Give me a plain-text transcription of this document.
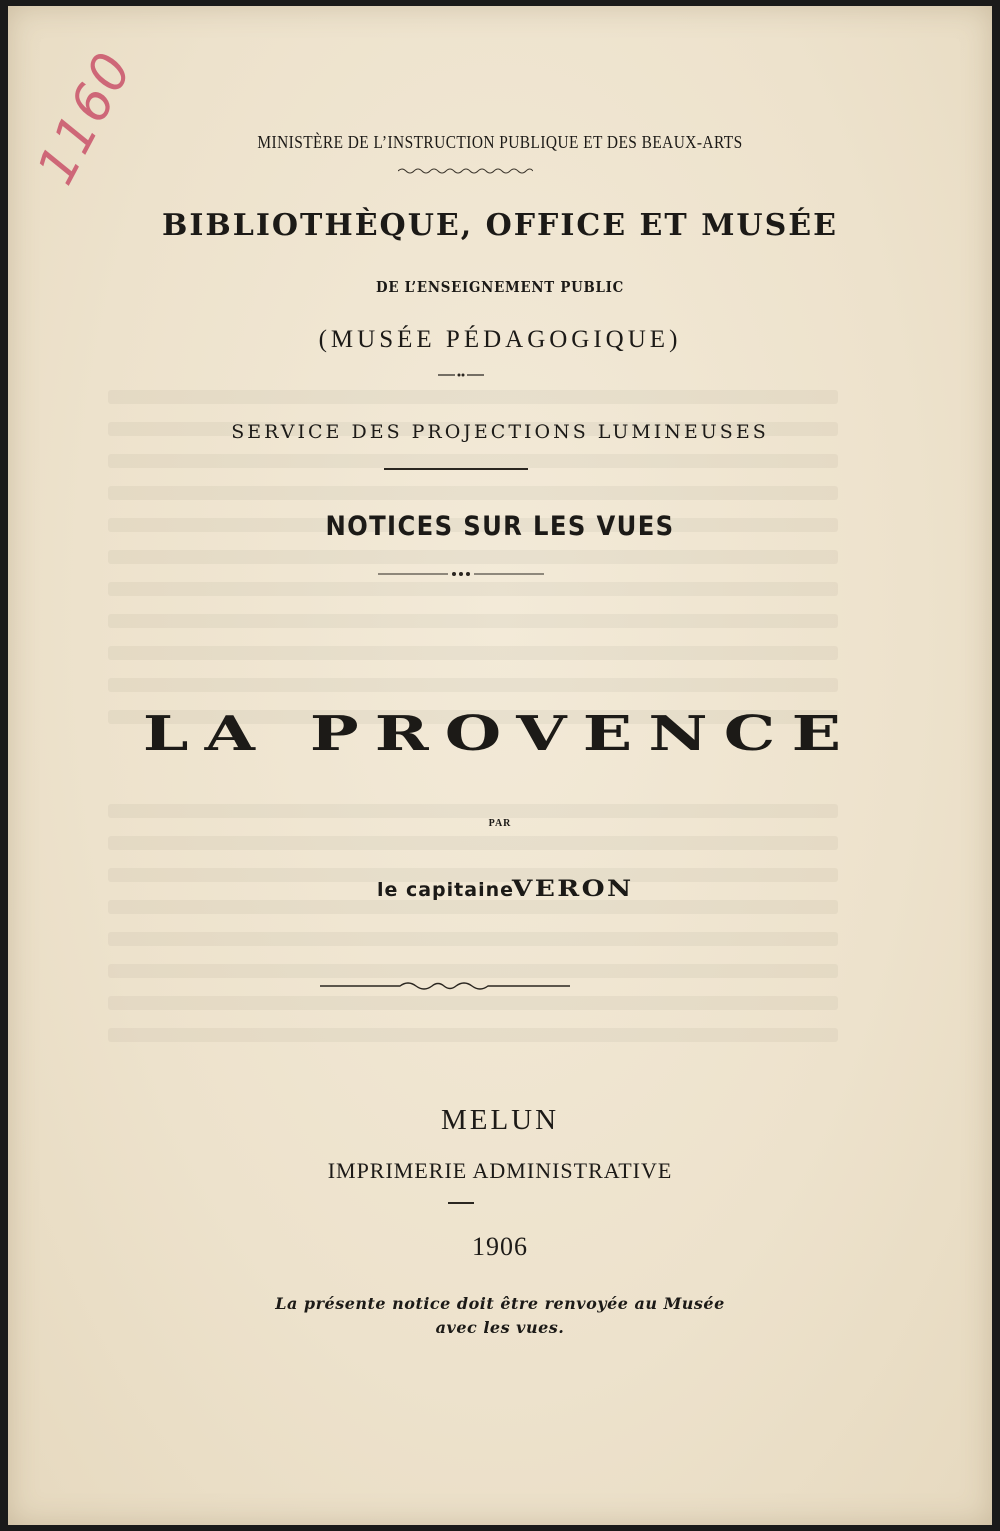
1160	MINISTÈRE DE L’INSTRUCTION PUBLIQUE ET DES BEAUX-ARTS
BIBLIOTHÈQUE, OFFICE ET MUSÉE
DE L’ENSEIGNEMENT PUBLIC
(MUSÉE PÉDAGOGIQUE)
SERVICE DES PROJECTIONS LUMINEUSES
NOTICES SUR LES VUES
LA PROVENCE
PAR
le capitaine VERON
MELUN
IMPRIMERIE ADMINISTRATIVE
1906
La présente notice doit être renvoyée au Musée
avec les vues.
